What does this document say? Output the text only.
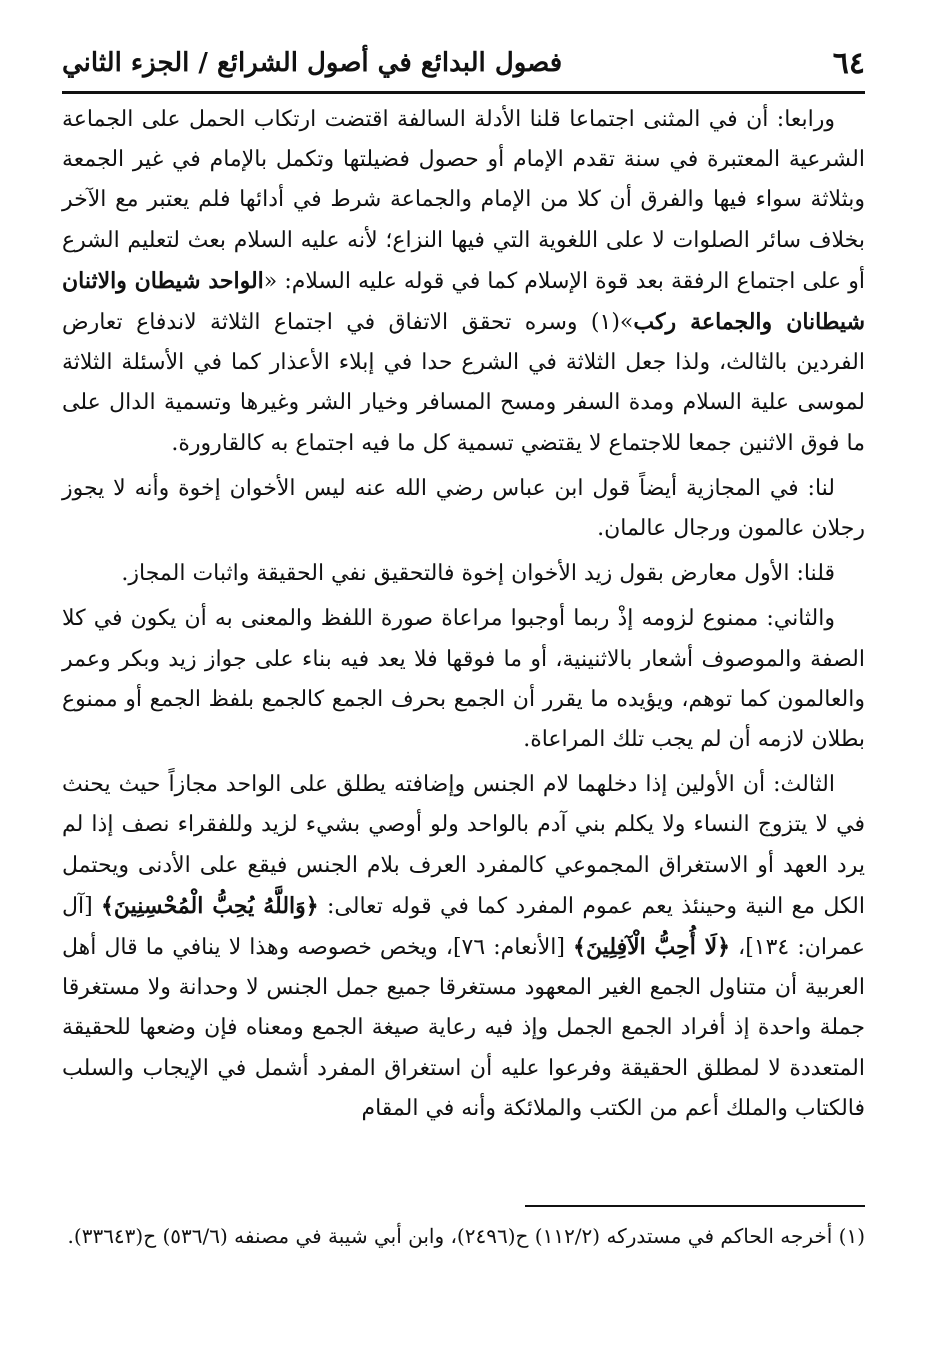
٦٤
فصول البدائع في أصول الشرائع / الجزء الثاني

ورابعا: أن في المثنى اجتماعا قلنا الأدلة السالفة اقتضت ارتكاب الحمل على الجماعة الشرعية المعتبرة في سنة تقدم الإمام أو حصول فضيلتها وتكمل بالإمام في غير الجمعة وبثلاثة سواء فيها والفرق أن كلا من الإمام والجماعة شرط في أدائها فلم يعتبر مع الآخر بخلاف سائر الصلوات لا على اللغوية التي فيها النزاع؛ لأنه عليه السلام بعث لتعليم الشرع أو على اجتماع الرفقة بعد قوة الإسلام كما في قوله عليه السلام: «الواحد شيطان والاثنان شيطانان والجماعة ركب»(١) وسره تحقق الاتفاق في اجتماع الثلاثة لاندفاع تعارض الفردين بالثالث، ولذا جعل الثلاثة في الشرع حدا في إبلاء الأعذار كما في الأسئلة الثلاثة لموسى علية السلام ومدة السفر ومسح المسافر وخيار الشر وغيرها وتسمية الدال على ما فوق الاثنين جمعا للاجتماع لا يقتضي تسمية كل ما فيه اجتماع به كالقارورة.

لنا: في المجازية أيضاً قول ابن عباس رضي الله عنه ليس الأخوان إخوة وأنه لا يجوز رجلان عالمون ورجال عالمان.

قلنا: الأول معارض بقول زيد الأخوان إخوة فالتحقيق نفي الحقيقة واثبات المجاز.

والثاني: ممنوع لزومه إذْ ربما أوجبوا مراعاة صورة اللفظ والمعنى به أن يكون في كلا الصفة والموصوف أشعار بالاثنينية، أو ما فوقها فلا يعد فيه بناء على جواز زيد وبكر وعمر والعالمون كما توهم، ويؤيده ما يقرر أن الجمع بحرف الجمع كالجمع بلفظ الجمع أو ممنوع بطلان لازمه أن لم يجب تلك المراعاة.

الثالث: أن الأولين إذا دخلهما لام الجنس وإضافته يطلق على الواحد مجازاً حيث يحنث في لا يتزوج النساء ولا يكلم بني آدم بالواحد ولو أوصي بشيء لزيد وللفقراء نصف إذا لم يرد العهد أو الاستغراق المجموعي كالمفرد العرف بلام الجنس فيقع على الأدنى ويحتمل الكل مع النية وحينئذ يعم عموم المفرد كما في قوله تعالى: ﴿وَاللَّهُ يُحِبُّ الْمُحْسِنِينَ﴾ [آل عمران: ١٣٤]، ﴿لَا أُحِبُّ الْآفِلِينَ﴾ [الأنعام: ٧٦]، ويخص خصوصه وهذا لا ينافي ما قال أهل العربية أن متناول الجمع الغير المعهود مستغرقا جميع جمل الجنس لا وحدانة ولا مستغرقا جملة واحدة إذ أفراد الجمع الجمل وإذ فيه رعاية صيغة الجمع ومعناه فإن وضعها للحقيقة المتعددة لا لمطلق الحقيقة وفرعوا عليه أن استغراق المفرد أشمل في الإيجاب والسلب فالكتاب والملك أعم من الكتب والملائكة وأنه في المقام

(١) أخرجه الحاكم في مستدركه (١١٢/٢) ح(٢٤٩٦)، وابن أبي شيبة في مصنفه (٥٣٦/٦) ح(٣٣٦٤٣).
